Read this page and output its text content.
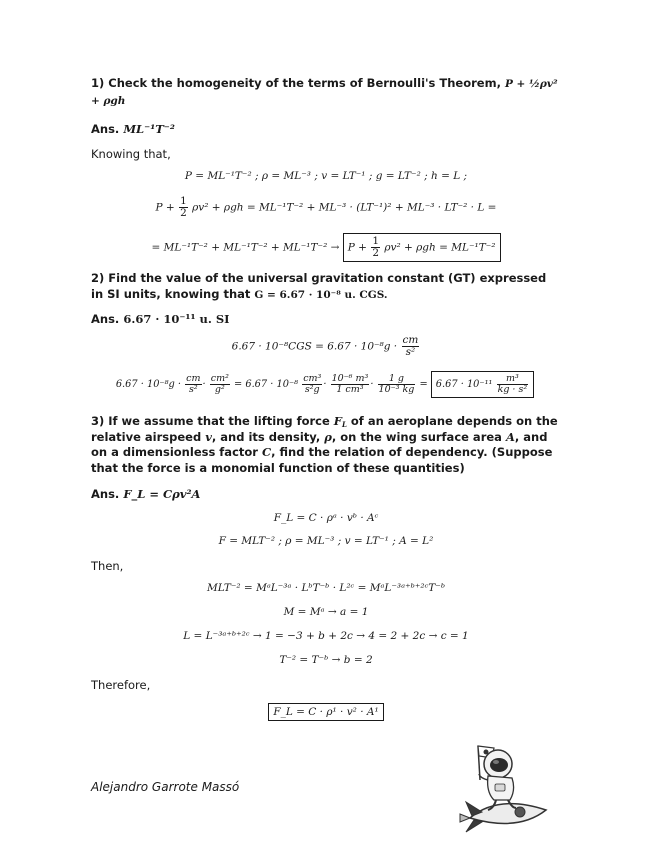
1) Check the homogeneity of the terms of Bernoulli's Theorem, P + ½ρv² + ρgh
Ans. ML⁻¹T⁻²
Knowing that,
P = ML⁻¹T⁻² ; ρ = ML⁻³ ; v = LT⁻¹ ; g = LT⁻² ; h = L ;
$P + \frac{1}{2} \rho v^2 + \rho gh = ML^{-1}T^{-2} + ML^{-3} \cdot (LT^{-1})^2 + ML^{-3} \cdot LT^{-2} \cdot L$ =
= $ML^{-1}T^{-2} + ML^{-1}T^{-2} + ML^{-1}T^{-2} \to P + \frac{1}{2} \rho v^2 + \rho gh = ML^{-1}T^{-2}$
2) Find the value of the universal gravitation constant (GT) expressed in SI units, knowing that G = 6.67 · 10⁻⁸ u. CGS.
Ans. 6.67 · 10⁻¹¹ u. SI
$6.67 \cdot 10^{-8}CGS = 6.67 \cdot 10^{-8}g \cdot \frac{cm}{\text{s²}}$
$6.67 \cdot 10^{-8}g \cdot \frac{cm}{\text{s²}} \cdot \frac{\text{cm²}}{\text{g²}} = 6.67 \cdot 10^{-8} \frac{\text{cm³}}{\text{s²g}} \cdot \frac{\text{10⁻⁶ m³}}{\text{1 cm³}} \cdot \frac{1 g}{\text{10⁻³ kg}} = 6.67 \cdot 10^{-11} \frac{\text{m³}}{\text{kg · s²}}$
3) If we assume that the lifting force $F_L$ of an aeroplane depends on the relative airspeed v, and its density, ρ, on the wing surface area A, and on a dimensionless factor C, find the relation of dependency. (Suppose that the force is a monomial function of these quantities)
Ans. F_L = Cρv²A
F_L = C · ρᵃ · vᵇ · Aᶜ
F = MLT⁻² ; ρ = ML⁻³ ; v = LT⁻¹ ; A = L²
Then,
MLT⁻² = MᵃL⁻³ᵃ · LᵇT⁻ᵇ · L²ᶜ = MᵃL⁻³ᵃ⁺ᵇ⁺²ᶜT⁻ᵇ
M = Mᵃ → a = 1
L = L⁻³ᵃ⁺ᵇ⁺²ᶜ → 1 = −3 + b + 2c → 4 = 2 + 2c → c = 1
T⁻² = T⁻ᵇ → b = 2
Therefore,
F_L = C · ρ¹ · v² · A¹
Alejandro Garrote Massó
